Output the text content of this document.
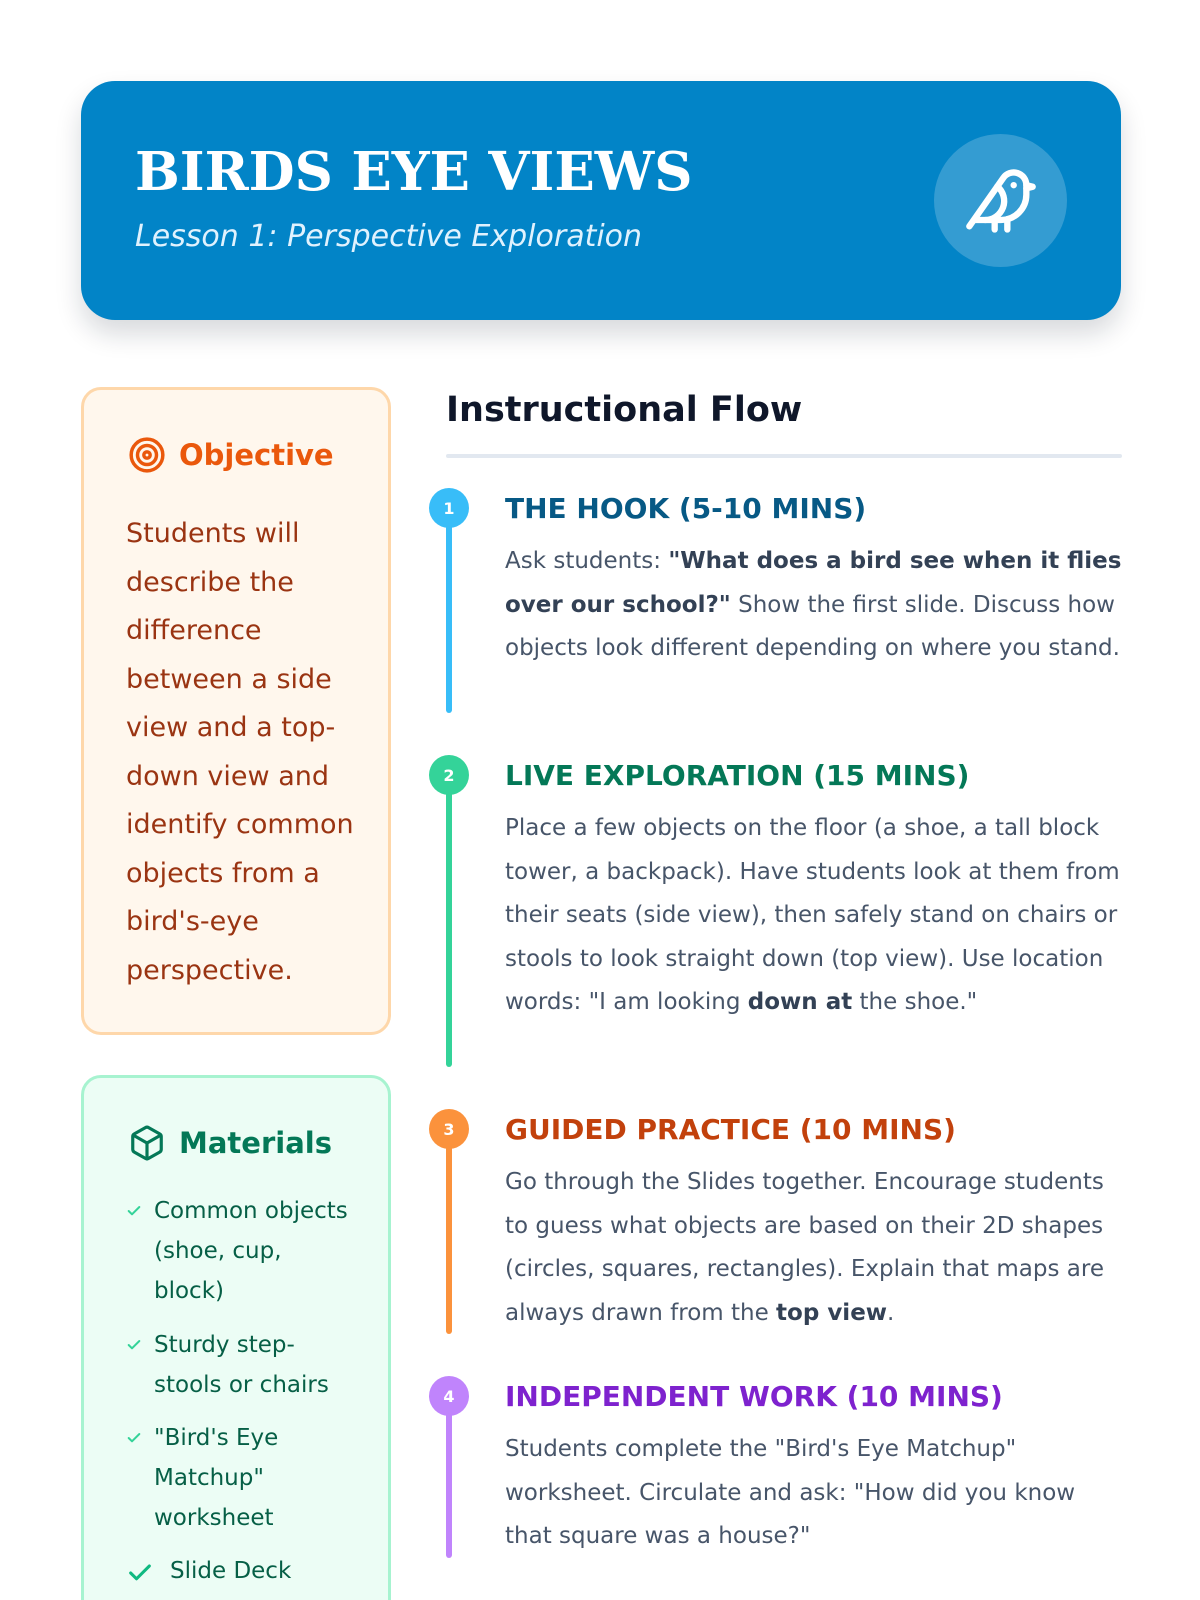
BIRDS EYE VIEWS
Lesson 1: Perspective Exploration
Objective
Students will describe the difference between a side view and a top-down view and identify common objects from a bird's-eye perspective.
Materials
Common objects (shoe, cup, block)
Sturdy step-stools or chairs
"Bird's Eye Matchup" worksheet
Slide Deck
Instructional Flow
1	THE HOOK (5-10 MINS)
Ask students: "What does a bird see when it flies over our school?" Show the first slide. Discuss how objects look different depending on where you stand.
2	LIVE EXPLORATION (15 MINS)
Place a few objects on the floor (a shoe, a tall block tower, a backpack). Have students look at them from their seats (side view), then safely stand on chairs or stools to look straight down (top view). Use location words: "I am looking down at the shoe."
3	GUIDED PRACTICE (10 MINS)
Go through the Slides together. Encourage students to guess what objects are based on their 2D shapes (circles, squares, rectangles). Explain that maps are always drawn from the top view.
4	INDEPENDENT WORK (10 MINS)
Students complete the "Bird's Eye Matchup" worksheet. Circulate and ask: "How did you know that square was a house?"
